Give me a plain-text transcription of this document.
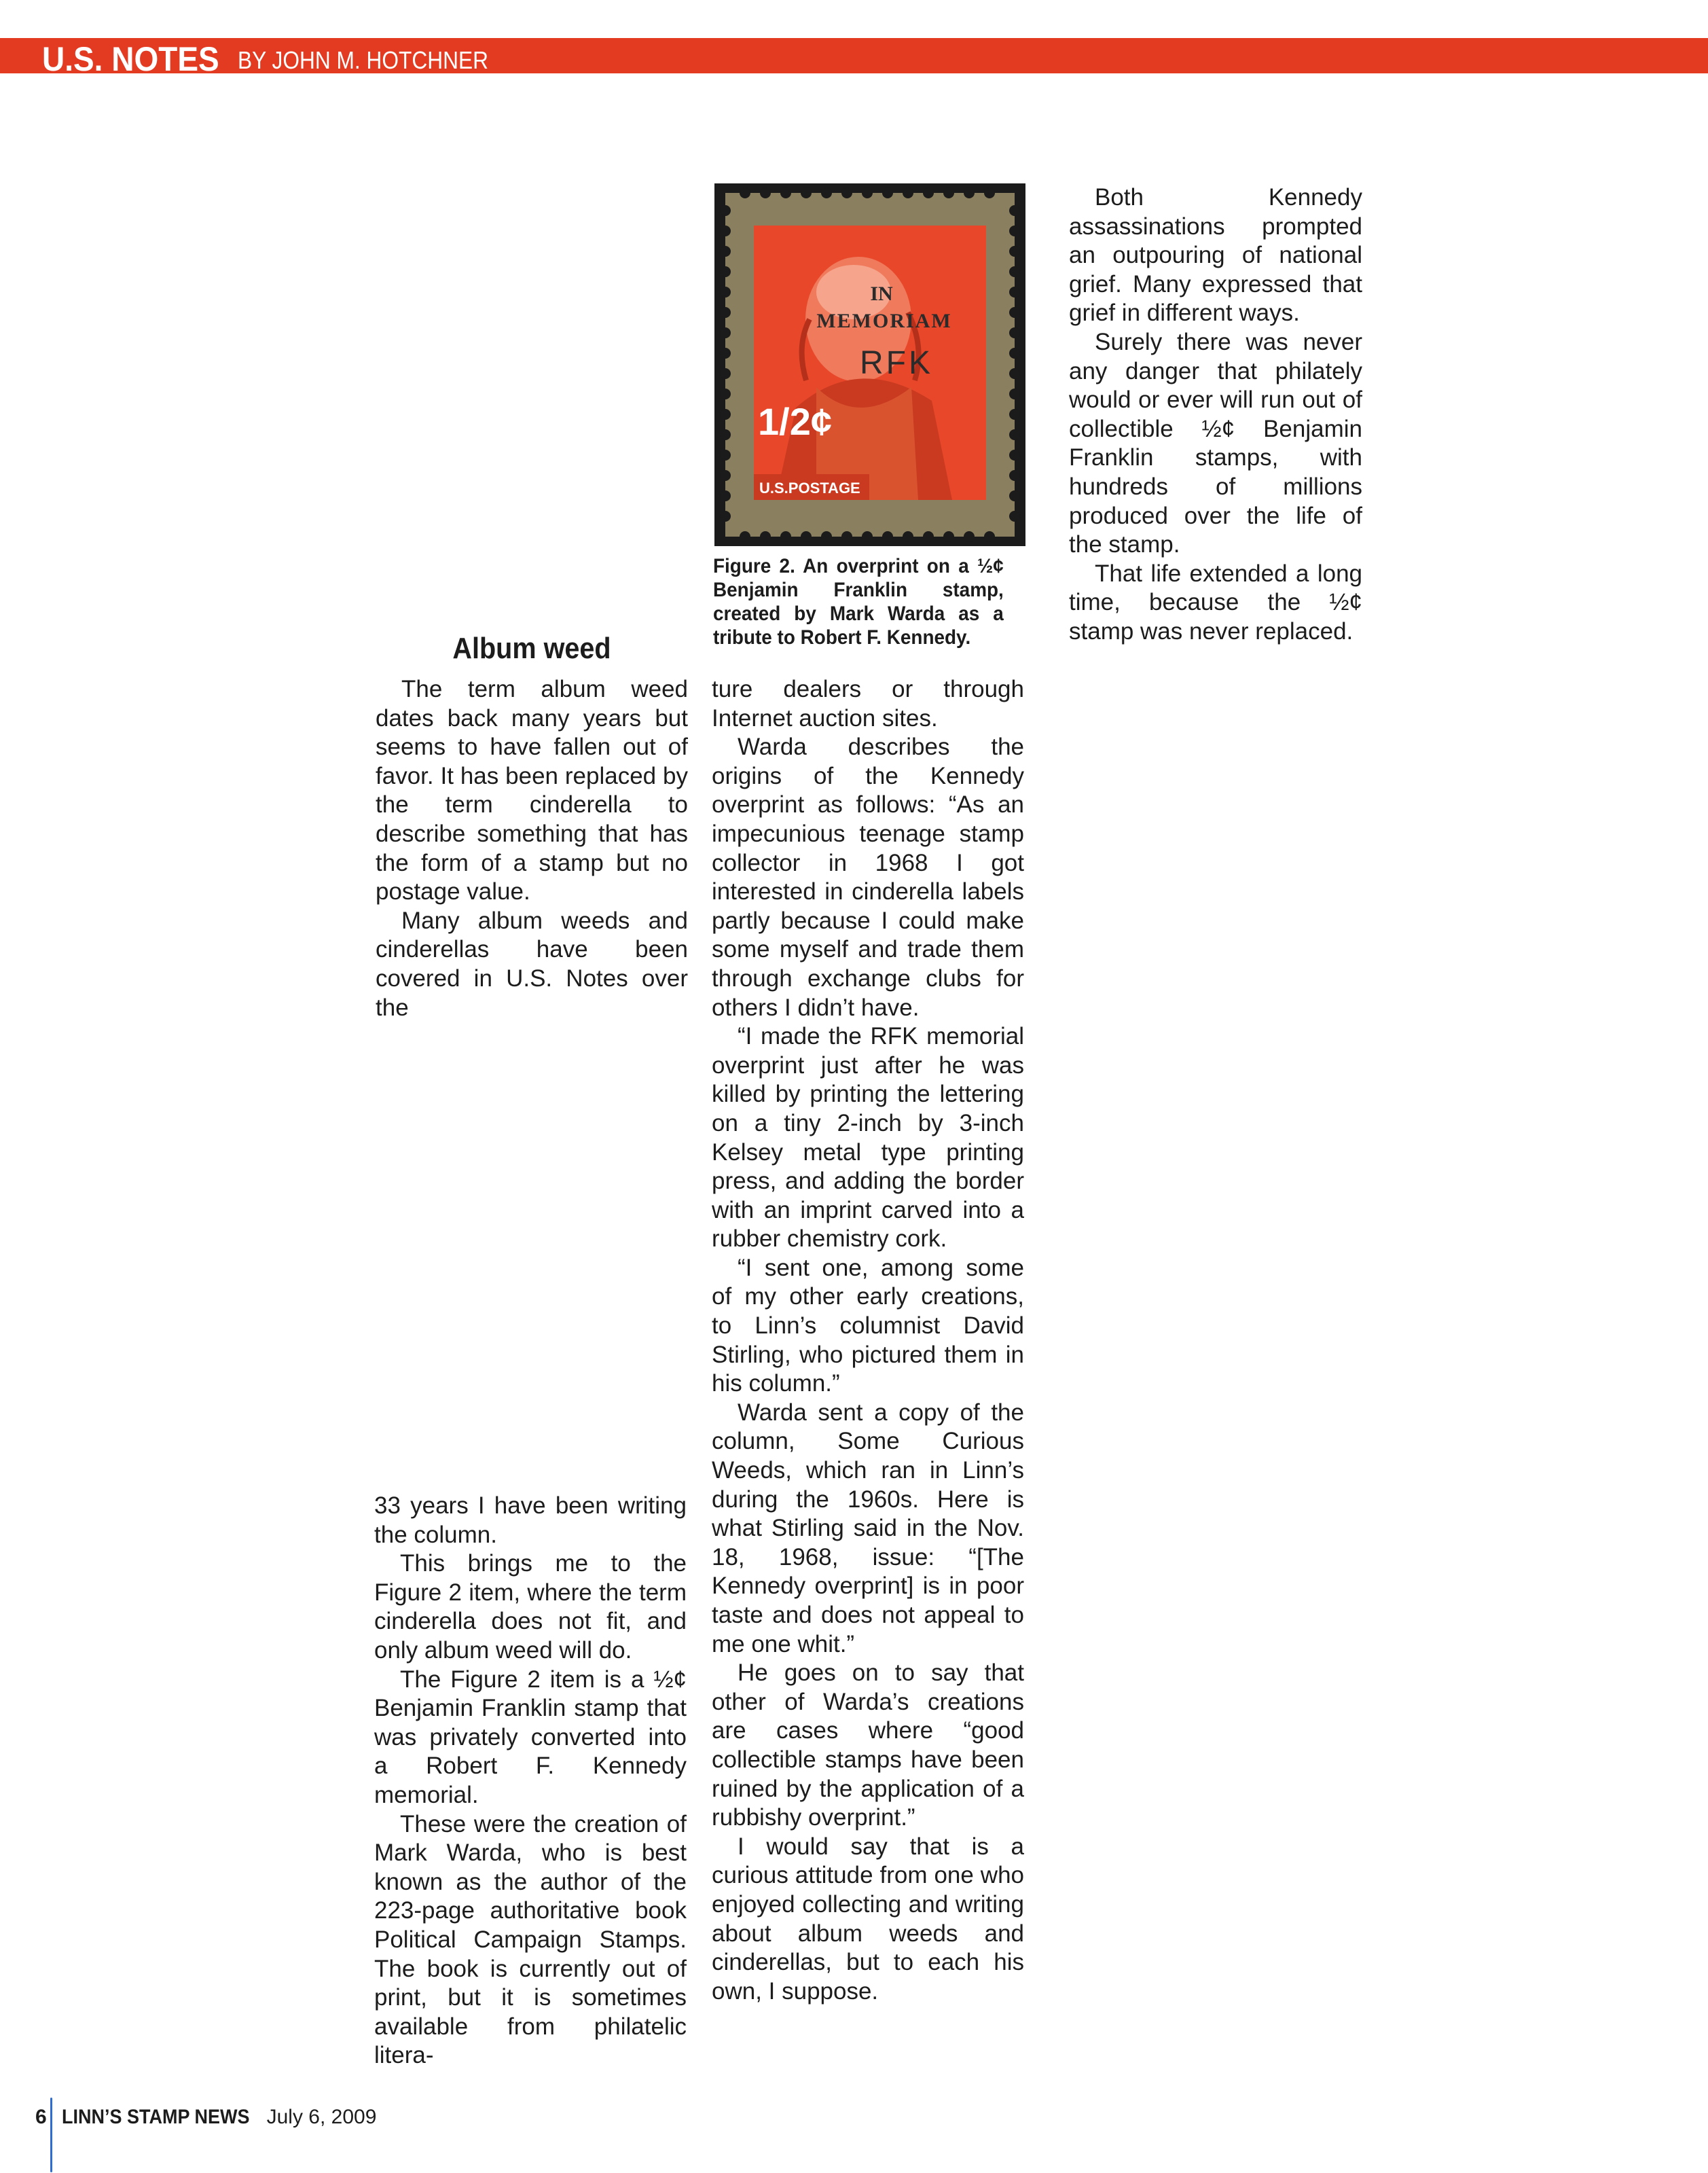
U.S. NOTES BY JOHN M. HOTCHNER
IN
MEMORIAM
RFK
1/2¢
U.S.POSTAGE
Figure 2. An overprint on a ½¢ Benjamin Franklin stamp, created by Mark Warda as a tribute to Robert F. Kennedy.
Album weed

The term album weed dates back many years but seems to have fallen out of favor. It has been replaced by the term cinderella to describe something that has the form of a stamp but no postage value.

Many album weeds and cinderellas have been covered in U.S. Notes over the

33 years I have been writing the column.

This brings me to the Figure 2 item, where the term cinderella does not fit, and only album weed will do.

The Figure 2 item is a ½¢ Benjamin Franklin stamp that was privately converted into a Robert F. Kennedy memorial.

These were the creation of Mark Warda, who is best known as the author of the 223-page authoritative book Political Campaign Stamps. The book is currently out of print, but it is sometimes available from philatelic litera-

ture dealers or through Internet auction sites.

Warda describes the origins of the Kennedy overprint as follows: “As an impecunious teenage stamp collector in 1968 I got interested in cinderella labels partly because I could make some myself and trade them through exchange clubs for others I didn’t have.

“I made the RFK memorial overprint just after he was killed by printing the lettering on a tiny 2-inch by 3-inch Kelsey metal type printing press, and adding the border with an imprint carved into a rubber chemistry cork.

“I sent one, among some of my other early creations, to Linn’s columnist David Stirling, who pictured them in his column.”

Warda sent a copy of the column, Some Curious Weeds, which ran in Linn’s during the 1960s. Here is what Stirling said in the Nov. 18, 1968, issue: “[The Kennedy overprint] is in poor taste and does not appeal to me one whit.”

He goes on to say that other of Warda’s creations are cases where “good collectible stamps have been ruined by the application of a rubbishy overprint.”

I would say that is a curious attitude from one who enjoyed collecting and writing about album weeds and cinderellas, but to each his own, I suppose.

Both Kennedy assassinations prompted an outpouring of national grief. Many expressed that grief in different ways.

Surely there was never any danger that philately would or ever will run out of collectible ½¢ Benjamin Franklin stamps, with hundreds of millions produced over the life of the stamp.

That life extended a long time, because the ½¢ stamp was never replaced.

6 LINN’S STAMP NEWS July 6, 2009
